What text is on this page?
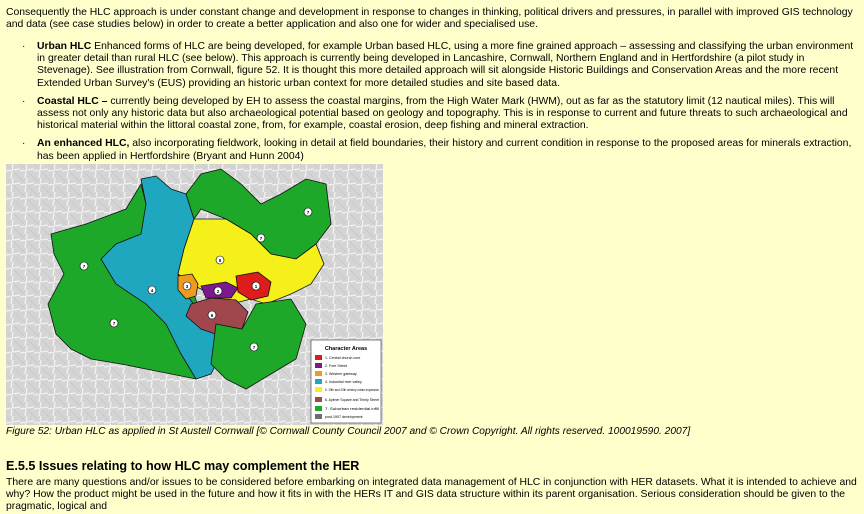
Consequently the HLC approach is under constant change and development in response to changes in thinking, political drivers and pressures, in parallel with improved GIS technology and data (see case studies below) in order to create a better application and also one for wider and specialised use.

· Urban HLC Enhanced forms of HLC are being developed, for example Urban based HLC, using a more fine grained approach – assessing and classifying the urban environment in greater detail than rural HLC (see below). This approach is currently being developed in Lancashire, Cornwall, Northern England and in Hertfordshire (a pilot study in Stevenage). See illustration from Cornwall, figure 52. It is thought this more detailed approach will sit alongside Historic Buildings and Conservation Areas and the more recent Extended Urban Survey's (EUS) providing an historic urban context for more detailed studies and site based data.
· Coastal HLC – currently being developed by EH to assess the coastal margins, from the High Water Mark (HWM), out as far as the statutory limit (12 nautical miles). This will assess not only any historic data but also archaeological potential based on geology and topography. This is in response to current and future threats to such archaeological and historical material within the littoral coastal zone, from, for example, coastal erosion, deep fishing and mineral extraction.
· An enhanced HLC, also incorporating fieldwork, looking in detail at field boundaries, their history and current condition in response to the proposed areas for minerals extraction, has been applied in Hertfordshire (Bryant and Hunn 2004)
1
2
3
4
5
6
7
7
7
7
7
Character Areas
1. Central church core
2. Fore Street
3. Western gateway
4. Industrial river valley
5. 19th and 20th century urban expansion
6. Aylmer Square and Trinity Street
7. Suburban residential infill
post-1907 development
Figure 52: Urban HLC as applied in St Austell Cornwall [© Cornwall County Council 2007 and © Crown Copyright. All rights reserved. 100019590. 2007]
E.5.5 Issues relating to how HLC may complement the HER

There are many questions and/or issues to be considered before embarking on integrated data management of HLC in conjunction with HER datasets. What it is intended to achieve and why? How the product might be used in the future and how it fits in with the HERs IT and GIS data structure within its parent organisation. Serious consideration should be given to the pragmatic, logical and
